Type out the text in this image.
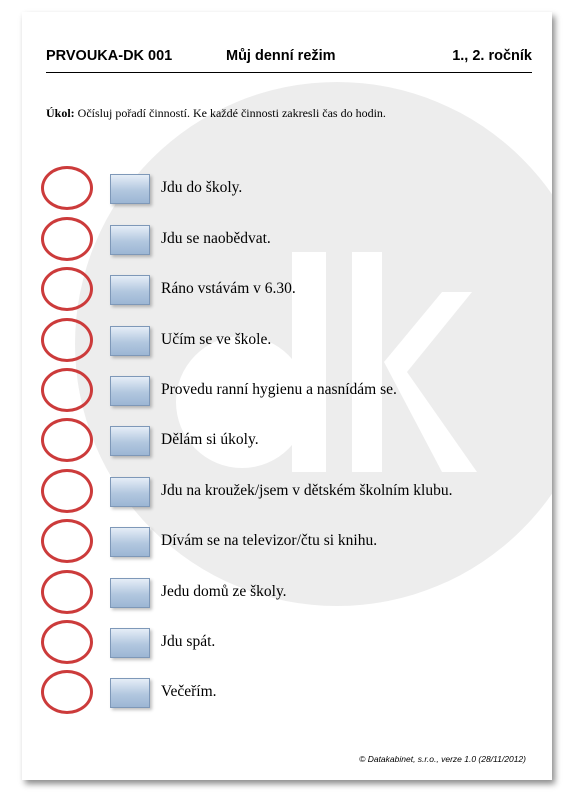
PRVOUKA-DK 001	Můj denní režim	1., 2. ročník
Úkol: Očísluj pořadí činností. Ke každé činnosti zakresli čas do hodin.
Jdu do školy.
Jdu se naobědvat.
Ráno vstávám v 6.30.
Učím se ve škole.
Provedu ranní hygienu a nasnídám se.
Dělám si úkoly.
Jdu na kroužek/jsem v dětském školním klubu.
Dívám se na televizor/čtu si knihu.
Jedu domů ze školy.
Jdu spát.
Večeřím.
© Datakabinet, s.r.o., verze 1.0 (28/11/2012)
